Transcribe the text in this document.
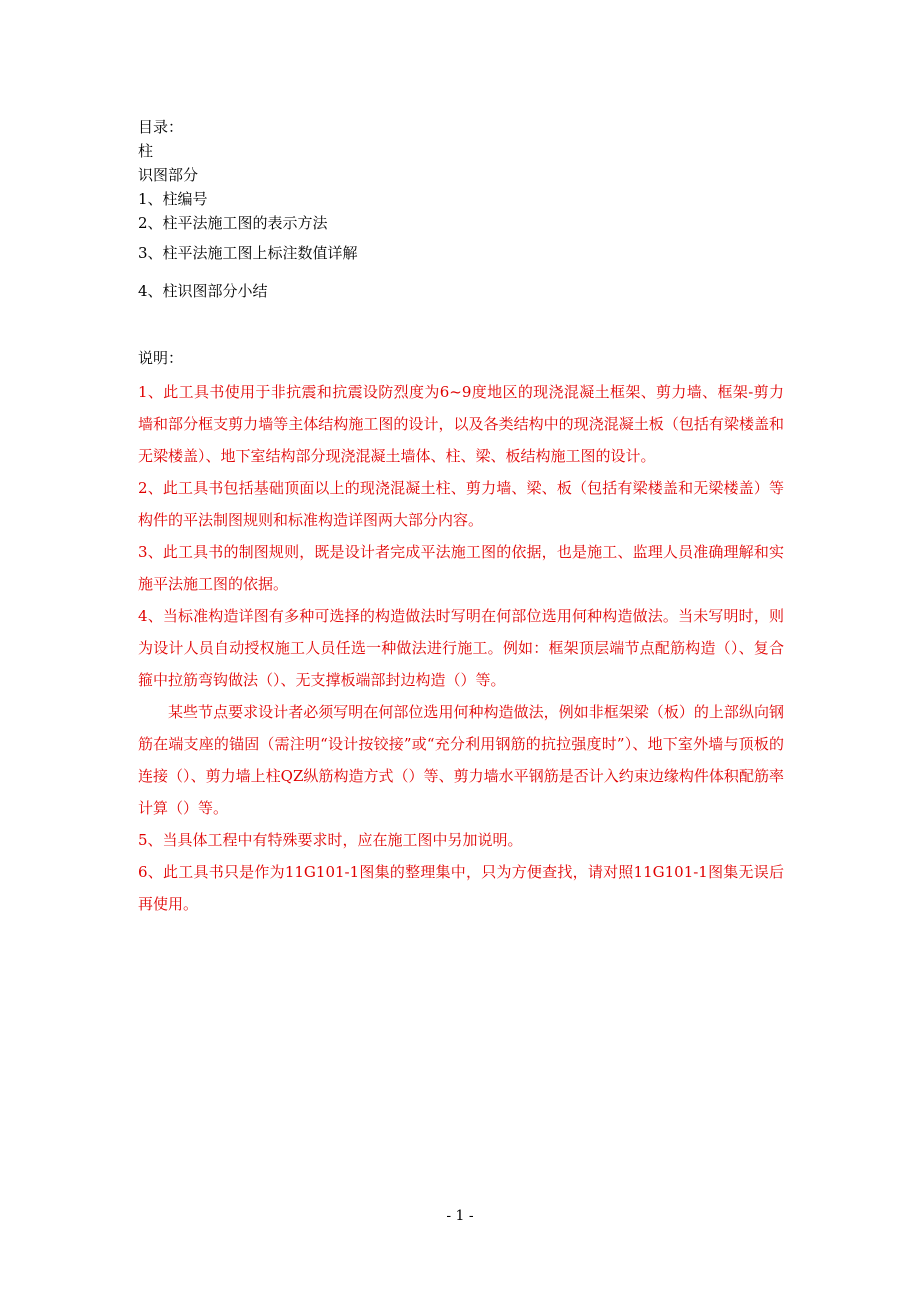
目录：
柱
识图部分
1、柱编号
2、柱平法施工图的表示方法
3、柱平法施工图上标注数值详解
4、柱识图部分小结
说明：

1、此工具书使用于非抗震和抗震设防烈度为6~9度地区的现浇混凝土框架、剪力墙、框架-剪力墙和部分框支剪力墙等主体结构施工图的设计，以及各类结构中的现浇混凝土板（包括有梁楼盖和无梁楼盖）、地下室结构部分现浇混凝土墙体、柱、梁、板结构施工图的设计。

2、此工具书包括基础顶面以上的现浇混凝土柱、剪力墙、梁、板（包括有梁楼盖和无梁楼盖）等构件的平法制图规则和标准构造详图两大部分内容。

3、此工具书的制图规则，既是设计者完成平法施工图的依据，也是施工、监理人员准确理解和实施平法施工图的依据。

4、当标准构造详图有多种可选择的构造做法时写明在何部位选用何种构造做法。当未写明时，则为设计人员自动授权施工人员任选一种做法进行施工。例如：框架顶层端节点配筋构造（）、复合箍中拉筋弯钩做法（）、无支撑板端部封边构造（）等。

某些节点要求设计者必须写明在何部位选用何种构造做法，例如非框架梁（板）的上部纵向钢筋在端支座的锚固（需注明“设计按铰接”或“充分利用钢筋的抗拉强度时”）、地下室外墙与顶板的连接（）、剪力墙上柱QZ纵筋构造方式（）等、剪力墙水平钢筋是否计入约束边缘构件体积配筋率计算（）等。

5、当具体工程中有特殊要求时，应在施工图中另加说明。

6、此工具书只是作为11G101-1图集的整理集中，只为方便查找，请对照11G101-1图集无误后再使用。

- 1 -
